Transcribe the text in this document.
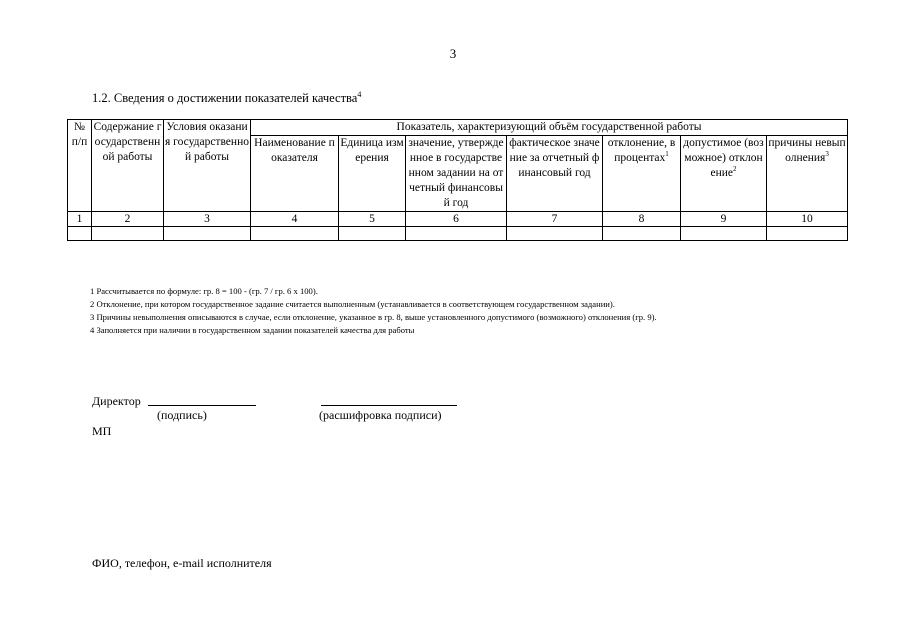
3
1.2. Сведения о достижении показателей качества$^4$
№ п/п	Содержание государственной работы	Условия оказания государственной работы	Показатель, характеризующий объём государственной работы						
			Наименование показателя	Единица измерения	значение, утвержденное в государственном задании на отчетный финансовый год	фактическое значение за отчетный финансовый год	отклонение, в процентах$^1$	допустимое (возможное) отклонение$^2$	причины невыполнения$^3$
1	2	3	4	5	6	7	8	9	10

1 Рассчитывается по формуле: гр. 8 = 100 - (гр. 7 / гр. 6 х 100).
2 Отклонение, при котором государственное задание считается выполненным (устанавливается в соответствующем государственном задании).
3 Причины невыполнения описываются в случае, если отклонение, указанное в гр. 8, выше установленного допустимого (возможного) отклонения (гр. 9).
4 Заполняется при наличии в государственном задании показателей качества для работы
Директор
(подпись)	(расшифровка подписи)
МП
ФИО, телефон, e-mail исполнителя
